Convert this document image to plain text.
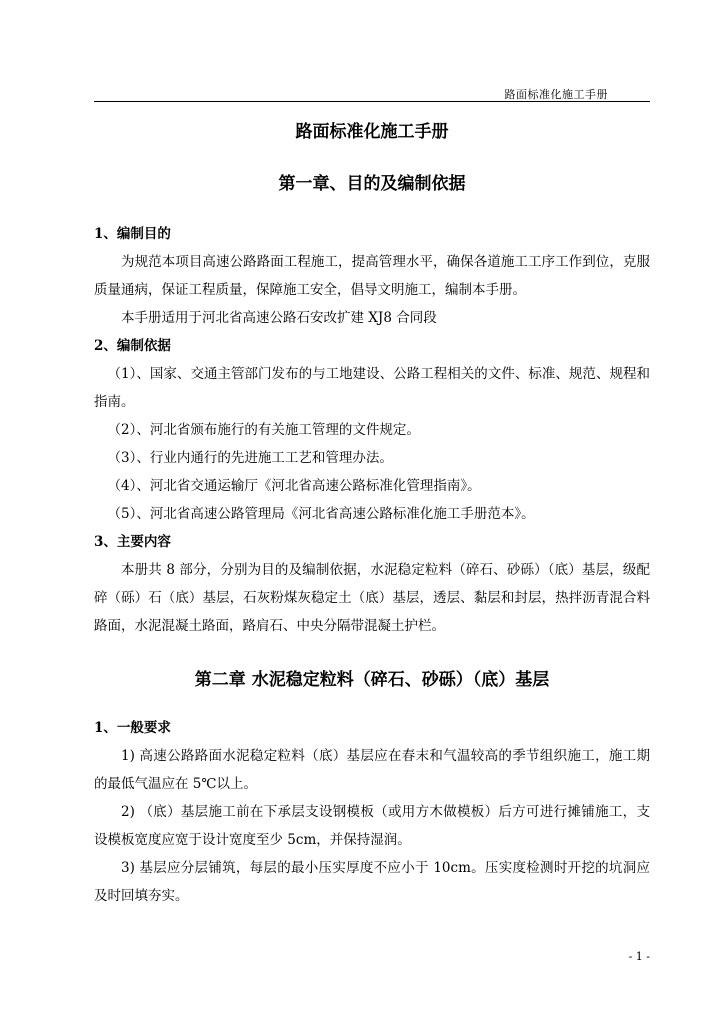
路面标准化施工手册
路面标准化施工手册
第一章、目的及编制依据
1、编制目的
为规范本项目高速公路路面工程施工，提高管理水平，确保各道施工工序工作到位，克服质量通病，保证工程质量，保障施工安全，倡导文明施工，编制本手册。
本手册适用于河北省高速公路石安改扩建 XJ8 合同段
2、编制依据
（1）、国家、交通主管部门发布的与工地建设、公路工程相关的文件、标准、规范、规程和指南。
（2）、河北省颁布施行的有关施工管理的文件规定。
（3）、行业内通行的先进施工工艺和管理办法。
（4）、河北省交通运输厅《河北省高速公路标准化管理指南》。
（5）、河北省高速公路管理局《河北省高速公路标准化施工手册范本》。
3、主要内容
本册共 8 部分，分别为目的及编制依据，水泥稳定粒料（碎石、砂砾）（底）基层，级配碎（砾）石（底）基层，石灰粉煤灰稳定土（底）基层，透层、黏层和封层，热拌沥青混合料路面，水泥混凝土路面，路肩石、中央分隔带混凝土护栏。
第二章 水泥稳定粒料（碎石、砂砾）（底）基层
1、一般要求
1) 高速公路路面水泥稳定粒料（底）基层应在春末和气温较高的季节组织施工，施工期的最低气温应在 5℃以上。
2) （底）基层施工前在下承层支设钢模板（或用方木做模板）后方可进行摊铺施工，支设模板宽度应宽于设计宽度至少 5cm，并保持湿润。
3) 基层应分层铺筑，每层的最小压实厚度不应小于 10cm。压实度检测时开挖的坑洞应及时回填夯实。
- 1 -
